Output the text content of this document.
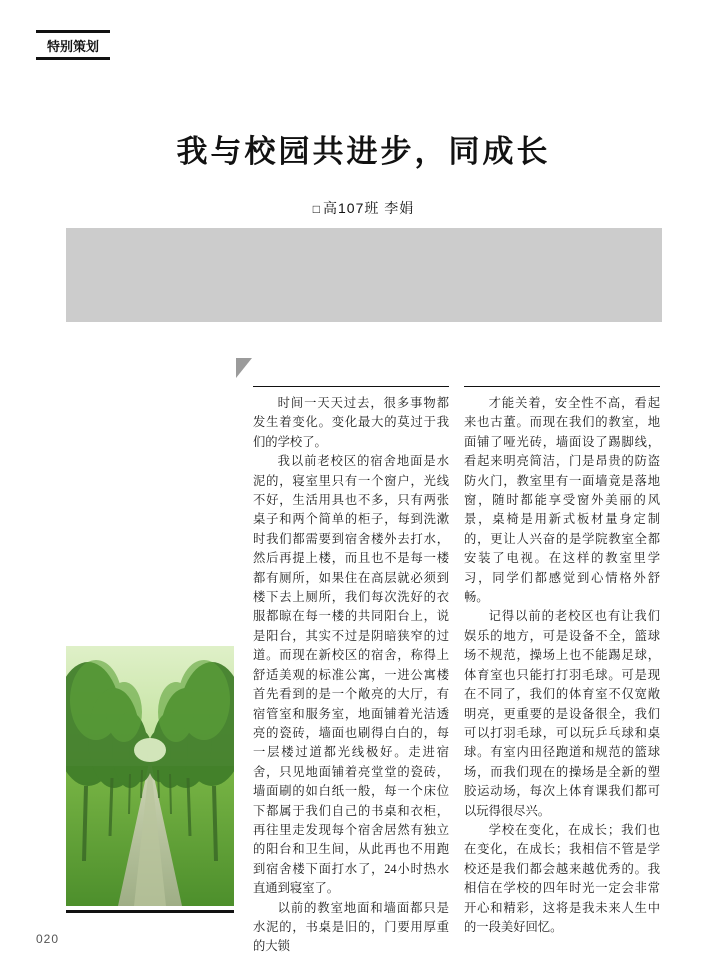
特别策划
我与校园共进步，同成长
□ 高107班 李娟

时间一天天过去，很多事物都发生着变化。变化最大的莫过于我们的学校了。

我以前老校区的宿舍地面是水泥的，寝室里只有一个窗户，光线不好，生活用具也不多，只有两张桌子和两个简单的柜子，每到洗漱时我们都需要到宿舍楼外去打水，然后再提上楼，而且也不是每一楼都有厕所，如果住在高层就必须到楼下去上厕所，我们每次洗好的衣服都晾在每一楼的共同阳台上，说是阳台，其实不过是阴暗狭窄的过道。而现在新校区的宿舍，称得上舒适美观的标准公寓，一进公寓楼首先看到的是一个敞亮的大厅，有宿管室和服务室，地面铺着光洁透亮的瓷砖，墙面也刷得白白的，每一层楼过道都光线极好。走进宿舍，只见地面铺着亮堂堂的瓷砖，墙面刷的如白纸一般，每一个床位下都属于我们自己的书桌和衣柜，再往里走发现每个宿舍居然有独立的阳台和卫生间，从此再也不用跑到宿舍楼下面打水了，24小时热水直通到寝室了。

以前的教室地面和墙面都只是水泥的，书桌是旧的，门要用厚重的大锁

才能关着，安全性不高，看起来也古董。而现在我们的教室，地面铺了哑光砖，墙面设了踢脚线，看起来明亮简洁，门是昂贵的防盗防火门，教室里有一面墙竟是落地窗，随时都能享受窗外美丽的风景，桌椅是用新式板材量身定制的，更让人兴奋的是学院教室全都安装了电视。在这样的教室里学习，同学们都感觉到心情格外舒畅。

记得以前的老校区也有让我们娱乐的地方，可是设备不全，篮球场不规范，操场上也不能踢足球，体育室也只能打打羽毛球。可是现在不同了，我们的体育室不仅宽敞明亮，更重要的是设备很全，我们可以打羽毛球，可以玩乒乓球和桌球。有室内田径跑道和规范的篮球场，而我们现在的操场是全新的塑胶运动场，每次上体育课我们都可以玩得很尽兴。

学校在变化，在成长；我们也在变化，在成长；我相信不管是学校还是我们都会越来越优秀的。我相信在学校的四年时光一定会非常开心和精彩，这将是我未来人生中的一段美好回忆。

020
